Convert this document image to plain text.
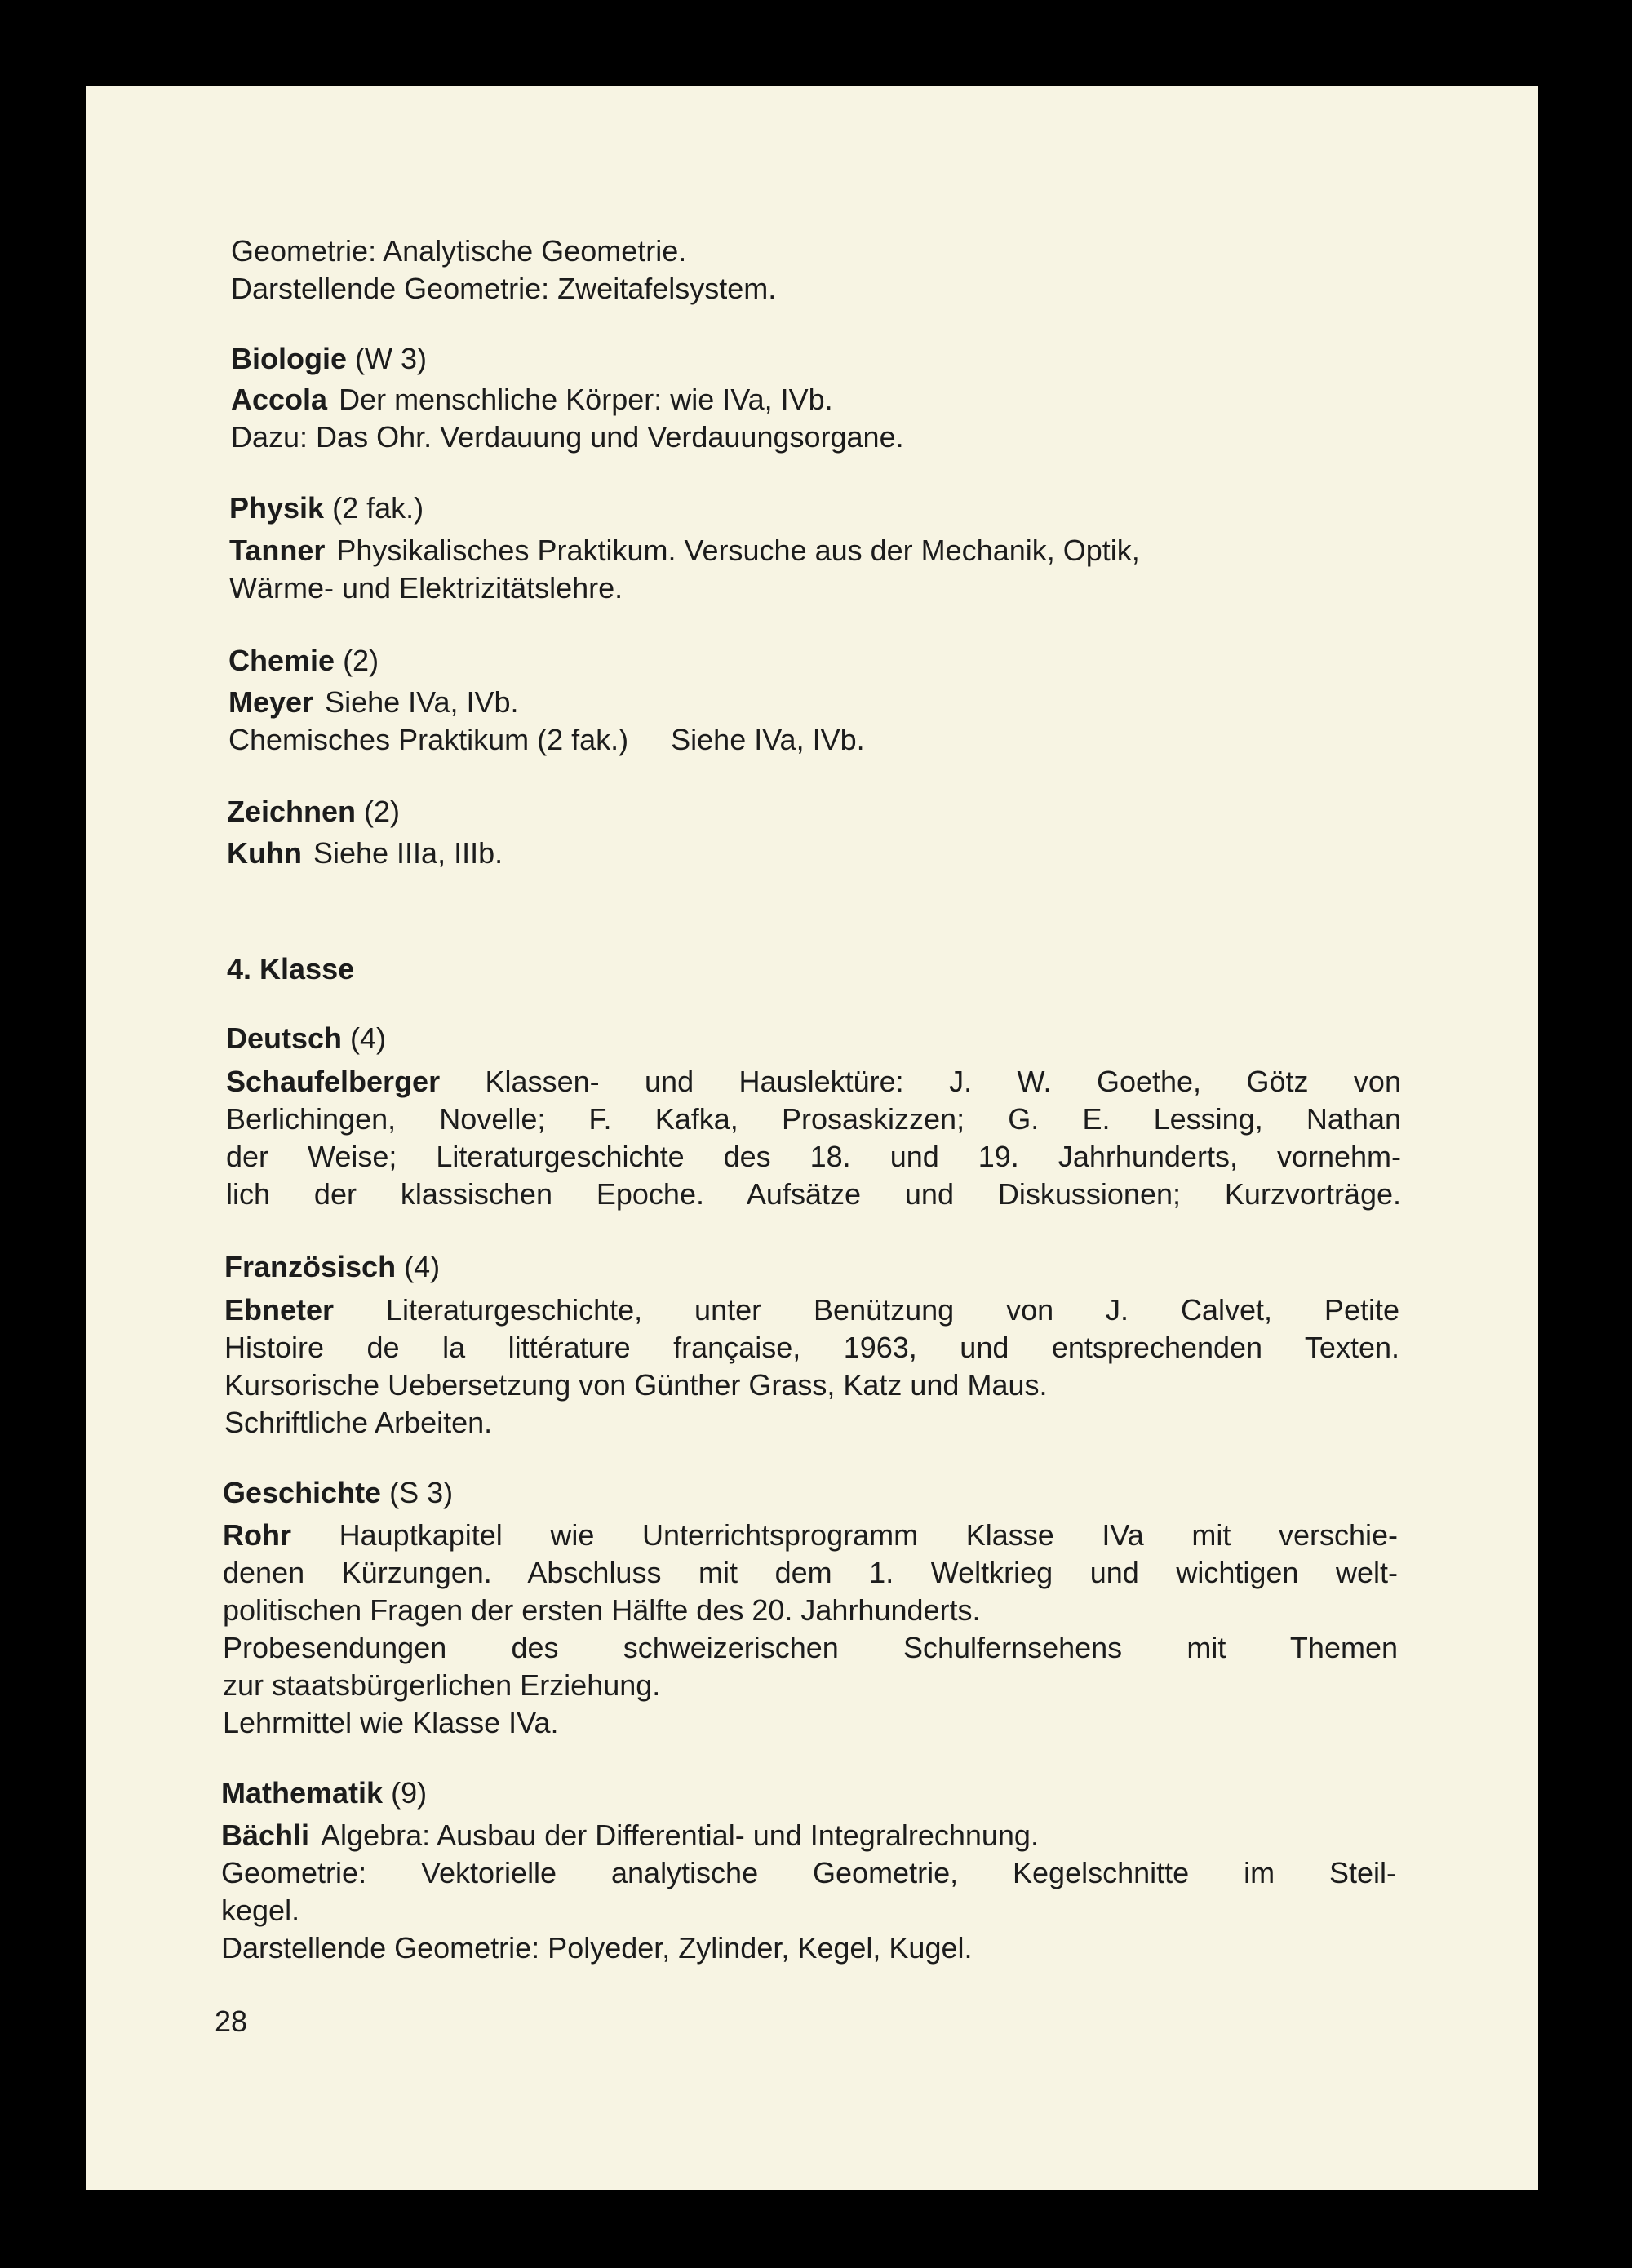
Geometrie: Analytische Geometrie.
Darstellende Geometrie: Zweitafelsystem.
Biologie (W 3)
Accola Der menschliche Körper: wie IVa, IVb.
Dazu: Das Ohr. Verdauung und Verdauungsorgane.
Physik (2 fak.)
Tanner Physikalisches Praktikum. Versuche aus der Mechanik, Optik,
Wärme- und Elektrizitätslehre.
Chemie (2)
Meyer Siehe IVa, IVb.
Chemisches Praktikum (2 fak.) Siehe IVa, IVb.
Zeichnen (2)
Kuhn Siehe IIIa, IIIb.
4. Klasse
Deutsch (4)
Schaufelberger Klassen- und Hauslektüre: J. W. Goethe, Götz von
Berlichingen, Novelle; F. Kafka, Prosaskizzen; G. E. Lessing, Nathan
der Weise; Literaturgeschichte des 18. und 19. Jahrhunderts, vornehm-
lich der klassischen Epoche. Aufsätze und Diskussionen; Kurzvorträge.
Französisch (4)
Ebneter Literaturgeschichte, unter Benützung von J. Calvet, Petite
Histoire de la littérature française, 1963, und entsprechenden Texten.
Kursorische Uebersetzung von Günther Grass, Katz und Maus.
Schriftliche Arbeiten.
Geschichte (S 3)
Rohr Hauptkapitel wie Unterrichtsprogramm Klasse IVa mit verschie-
denen Kürzungen. Abschluss mit dem 1. Weltkrieg und wichtigen welt-
politischen Fragen der ersten Hälfte des 20. Jahrhunderts.
Probesendungen des schweizerischen Schulfernsehens mit Themen
zur staatsbürgerlichen Erziehung.
Lehrmittel wie Klasse IVa.
Mathematik (9)
Bächli Algebra: Ausbau der Differential- und Integralrechnung.
Geometrie: Vektorielle analytische Geometrie, Kegelschnitte im Steil-
kegel.
Darstellende Geometrie: Polyeder, Zylinder, Kegel, Kugel.
28
